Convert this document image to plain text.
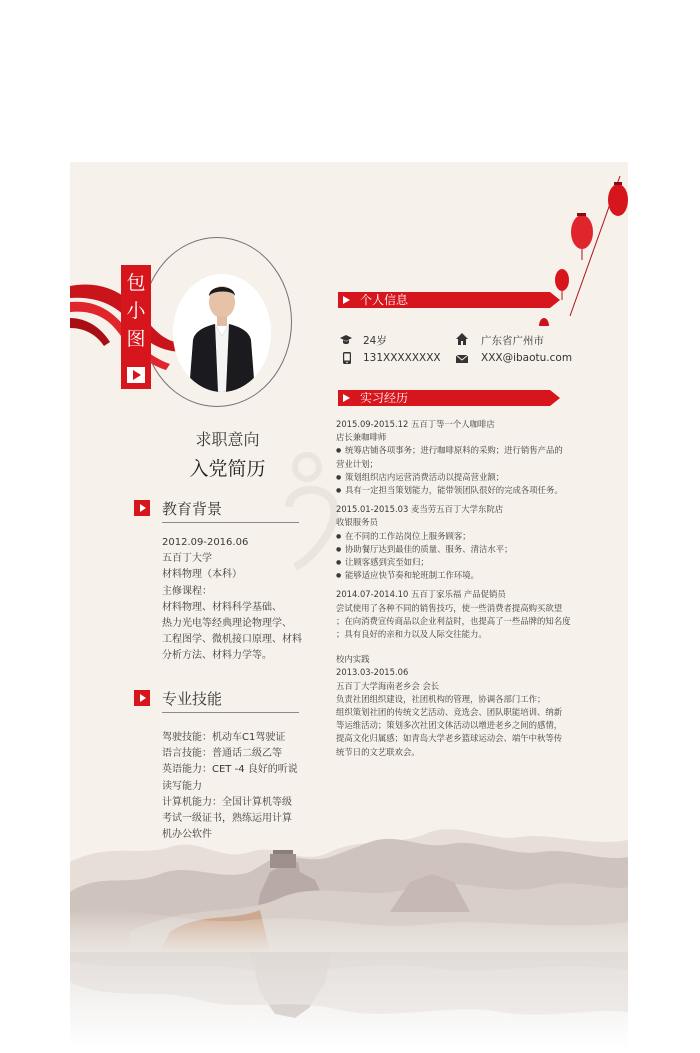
包
小
图
求职意向
入党简历
教育背景
2012.09-2016.06
五百丁大学
材料物理（本科）
主修课程：
材料物理、材料科学基础、
热力光电等经典理论物理学、
工程图学、微机接口原理、材料
分析方法、材料力学等。
专业技能
驾驶技能：机动车C1驾驶证
语言技能：普通话二级乙等
英语能力：CET -4 良好的听说
读写能力
计算机能力：全国计算机等级
考试一级证书，熟练运用计算
机办公软件
个人信息
24岁	广东省广州市
131XXXXXXXX	XXX@ibaotu.com
实习经历
2015.09-2015.12 五百丁等一个人咖啡店
店长兼咖啡师
● 统筹店铺各项事务；进行咖啡原料的采购；进行销售产品的
营业计划；
● 策划组织店内运营消费活动以提高营业额；
● 具有一定担当策划能力，能带领团队很好的完成各项任务。
2015.01-2015.03 麦当劳五百丁大学东院店
收银服务员
● 在不同的工作站岗位上服务顾客；
● 协助餐厅达到最佳的质量、服务、清洁水平；
● 让顾客感到宾至如归；
● 能够适应快节奏和轮班制工作环境。
2014.07-2014.10 五百丁家乐福 产品促销员
尝试使用了各种不同的销售技巧，使一些消费者提高购买欲望
；在向消费宣传商品以企业利益时，也提高了一些品牌的知名度
；具有良好的亲和力以及人际交往能力。
校内实践
2013.03-2015.06
五百丁大学海南老乡会 会长
负责社团组织建设，社团机构的管理，协调各部门工作；
组织策划社团的传统文艺活动、竞选会、团队职能培训、纳新
等运维活动；策划多次社团文体活动以增进老乡之间的感情，
提高文化归属感；如青岛大学老乡篮球运动会、端午中秋等传
统节日的文艺联欢会。
